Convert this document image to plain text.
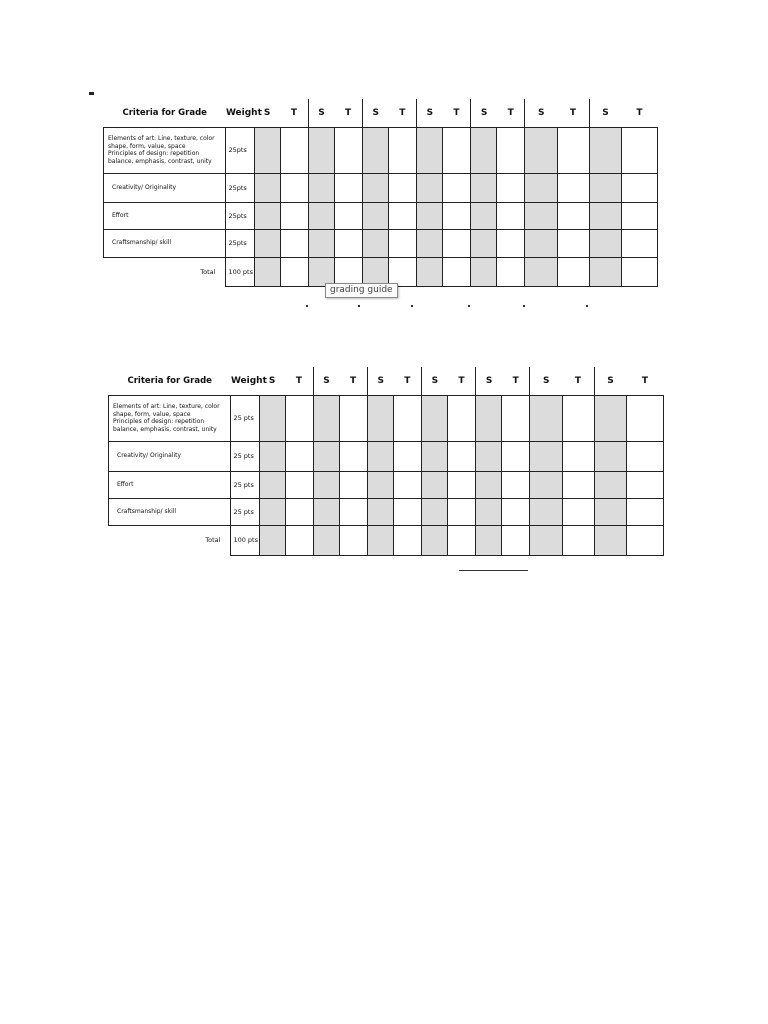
Criteria for Grade	Weight	S	T	S	T	S	T	S	T	S	T	S	T	S	T

Elements of art: Line, texture, color
shape, form, value, space
Principles of design: repetition
balance, emphasis, contrast, unity	25pts														
Creativity/ Originality	25pts														
Effort	25pts														
Craftsmanship/ skill	25pts														
Total	100 pts														
grading guide
Criteria for Grade	Weight	S	T	S	T	S	T	S	T	S	T	S	T	S	T

Elements of art: Line, texture, color
shape, form, value, space
Principles of design: repetition
balance, emphasis, contrast, unity	25 pts														
Creativity/ Originality	25 pts														
Effort	25 pts														
Craftsmanship/ skill	25 pts														
Total	100 pts														
